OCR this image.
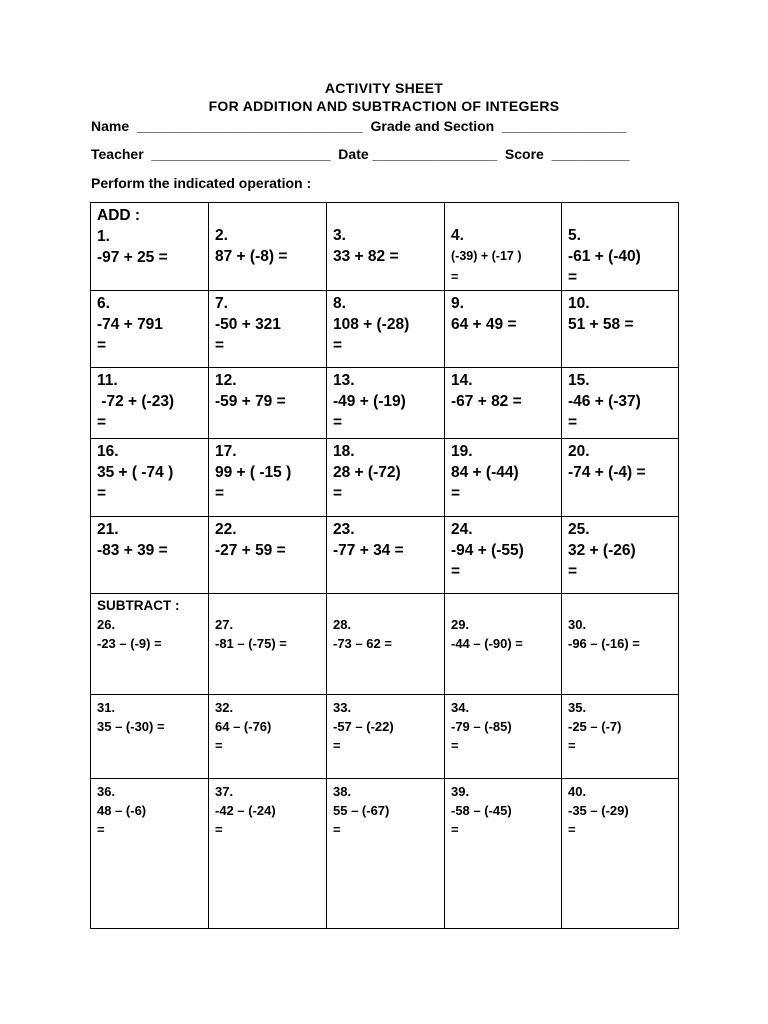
ACTIVITY SHEET
FOR ADDITION AND SUBTRACTION OF INTEGERS
Name  _____________________________  Grade and Section  ________________
Teacher  _______________________  Date ________________  Score  __________
Perform the indicated operation :
ADD :
1.
-97 + 25 =	2.
87 + (-8) =	3.
33 + 82 =	4.
(-39) + (-17 )
=	5.
-61 + (-40)
=

6.
-74 + 791
=	7.
-50 + 321
=	8.
108 + (-28)
=	9.
64 + 49 =	10.
51 + 58 =

11.
-72 + (-23)
=	12.
-59 + 79 =	13.
-49 + (-19)
=	14.
-67 + 82 =	15.
-46 + (-37)
=

16.
35 + ( -74 )
=	17.
99 + ( -15 )
=	18.
28 + (-72)
=	19.
84 + (-44)
=	20.
-74 + (-4) =

21.
-83 + 39 =	22.
-27 + 59 =	23.
-77 + 34 =	24.
-94 + (-55)
=	25.
32 + (-26)
=

SUBTRACT :
26.
-23 – (-9) =	27.
-81 – (-75) =	28.
-73 – 62 =	29.
-44 – (-90) =	30.
-96 – (-16) =

31.
35 – (-30) =	32.
64 – (-76)
=	33.
-57 – (-22)
=	34.
-79 – (-85)
=	35.
-25 – (-7)
=

36.
48 – (-6)
=	37.
-42 – (-24)
=	38.
55 – (-67)
=	39.
-58 – (-45)
=	40.
-35 – (-29)
=
